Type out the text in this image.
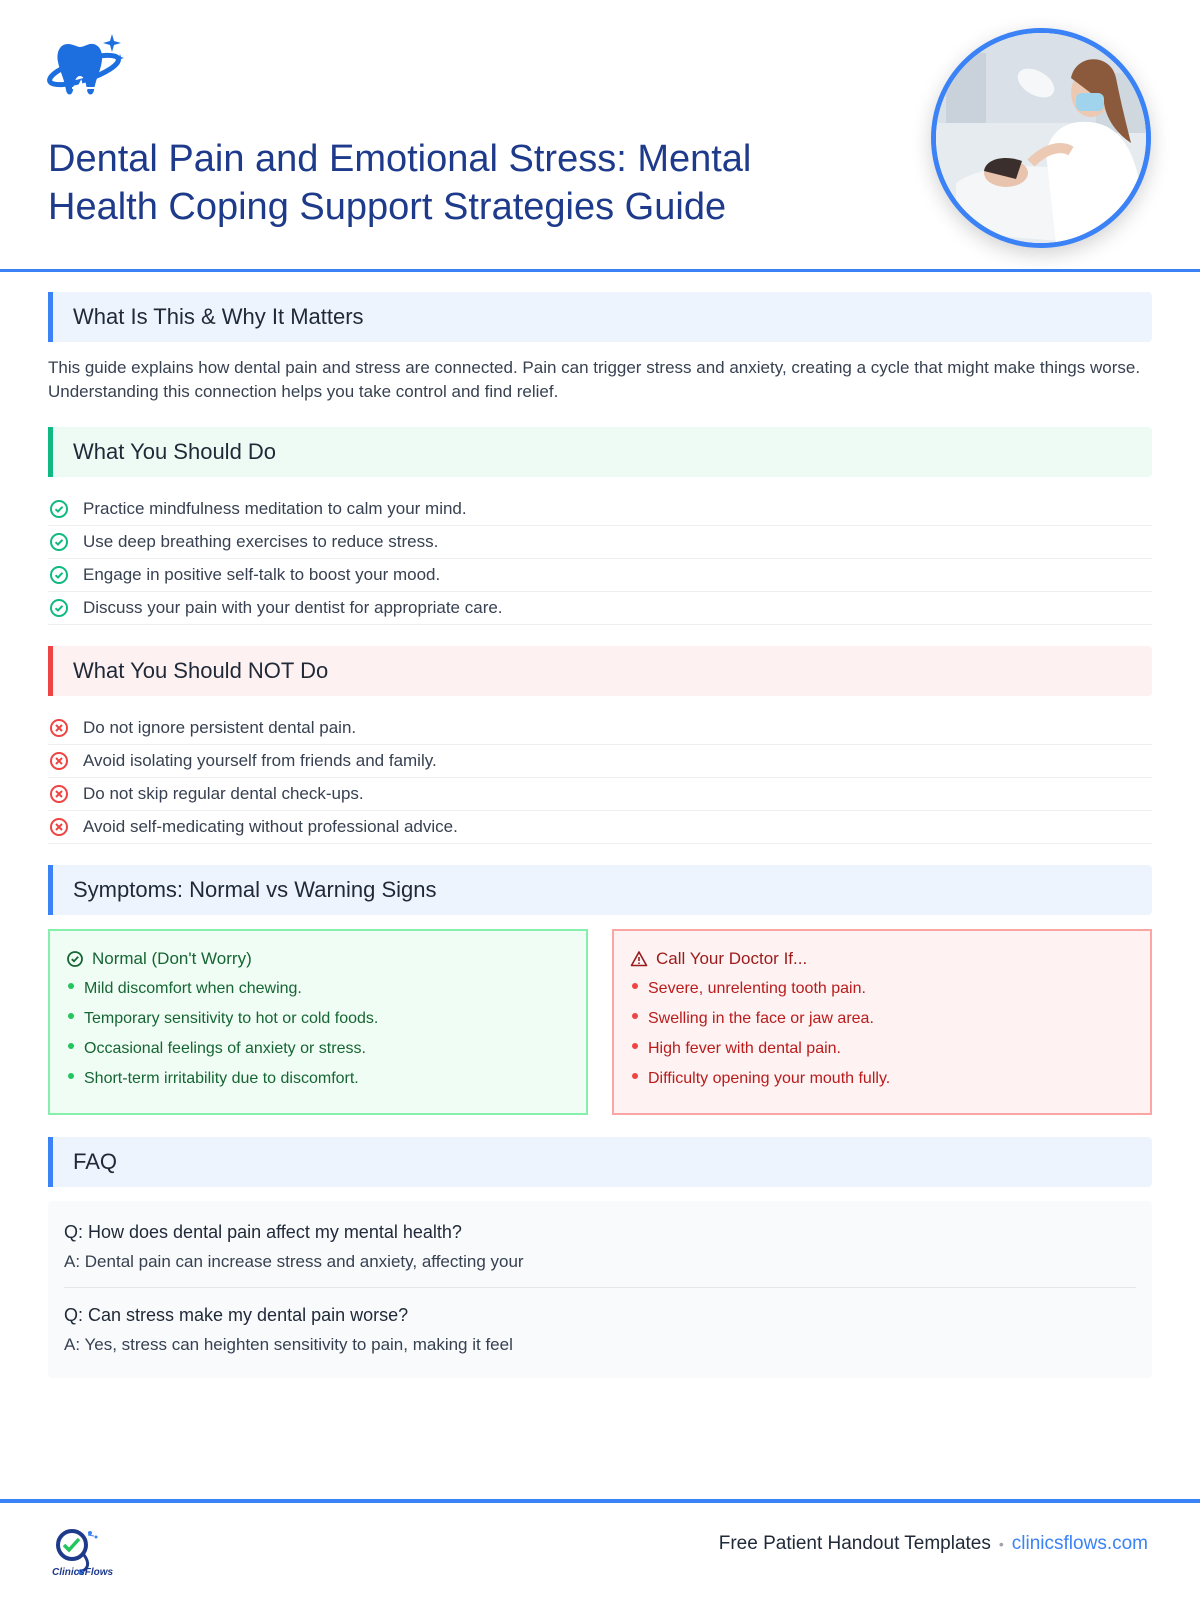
Dental Pain and Emotional Stress: Mental Health Coping Support Strategies Guide
What Is This & Why It Matters

This guide explains how dental pain and stress are connected. Pain can trigger stress and anxiety, creating a cycle that might make things worse. Understanding this connection helps you take control and find relief.

What You Should Do
Practice mindfulness meditation to calm your mind.
Use deep breathing exercises to reduce stress.
Engage in positive self-talk to boost your mood.
Discuss your pain with your dentist for appropriate care.
What You Should NOT Do
Do not ignore persistent dental pain.
Avoid isolating yourself from friends and family.
Do not skip regular dental check-ups.
Avoid self-medicating without professional advice.
Symptoms: Normal vs Warning Signs
Normal (Don't Worry)
Mild discomfort when chewing.
Temporary sensitivity to hot or cold foods.
Occasional feelings of anxiety or stress.
Short-term irritability due to discomfort.
Call Your Doctor If...
Severe, unrelenting tooth pain.
Swelling in the face or jaw area.
High fever with dental pain.
Difficulty opening your mouth fully.
FAQ
Q: How does dental pain affect my mental health?
A: Dental pain can increase stress and anxiety, affecting your
Q: Can stress make my dental pain worse?
A: Yes, stress can heighten sensitivity to pain, making it feel
ClinicsFlows
Free Patient Handout Templates • clinicsflows.com
